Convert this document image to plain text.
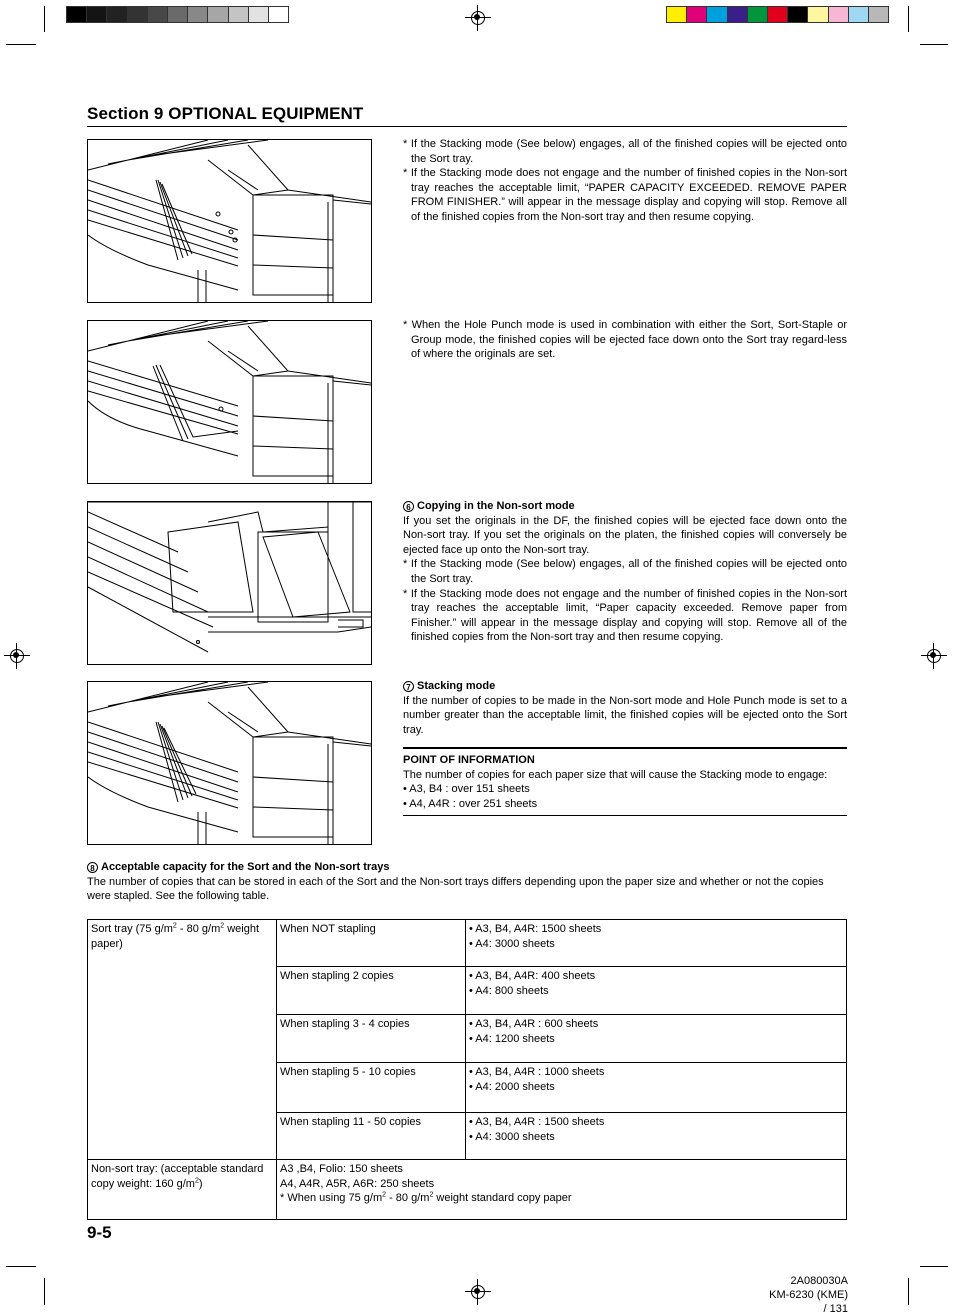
Section 9 OPTIONAL EQUIPMENT

* If the Stacking mode (See below) engages, all of the finished copies will be ejected onto the Sort tray.

* If the Stacking mode does not engage and the number of finished copies in the Non-sort tray reaches the acceptable limit, “PAPER CAPACITY EXCEEDED. REMOVE PAPER FROM FINISHER.” will appear in the message display and copying will stop. Remove all of the finished copies from the Non-sort tray and then resume copying.

* When the Hole Punch mode is used in combination with either the Sort, Sort-Staple or Group mode, the finished copies will be ejected face down onto the Sort tray regard-less of where the originals are set.

6 Copying in the Non-sort mode

If you set the originals in the DF, the finished copies will be ejected face down onto the Non-sort tray. If you set the originals on the platen, the finished copies will conversely be ejected face up onto the Non-sort tray.

* If the Stacking mode (See below) engages, all of the finished copies will be ejected onto the Sort tray.

* If the Stacking mode does not engage and the number of finished copies in the Non-sort tray reaches the acceptable limit, “Paper capacity exceeded. Remove paper from Finisher.” will appear in the message display and copying will stop. Remove all of the finished copies from the Non-sort tray and then resume copying.

7 Stacking mode

If the number of copies to be made in the Non-sort mode and Hole Punch mode is set to a number greater than the acceptable limit, the finished copies will be ejected onto the Sort tray.

POINT OF INFORMATION

The number of copies for each paper size that will cause the Stacking mode to engage:

• A3, B4 : over 151 sheets

• A4, A4R : over 251 sheets

8 Acceptable capacity for the Sort and the Non-sort trays

The number of copies that can be stored in each of the Sort and the Non-sort trays differs depending upon the paper size and whether or not the copies were stapled. See the following table.

Sort tray (75 $g/m^2 - 80$ $g/m^2$ weight paper)	When NOT stapling	• A3, B4, A4R: 1500 sheets
• A4: 3000 sheets

	When stapling 2 copies	• A3, B4, A4R: 400 sheets
• A4: 800 sheets

	When stapling 3 - 4 copies	• A3, B4, A4R : 600 sheets
• A4: 1200 sheets

	When stapling 5 - 10 copies	• A3, B4, A4R : 1000 sheets
• A4: 2000 sheets

	When stapling 11 - 50 copies	• A3, B4, A4R : 1500 sheets
• A4: 3000 sheets

Non-sort tray: (acceptable standard copy weight: 160 $g/m^2$)	A3 ,B4, Folio: 150 sheets
A4, A4R, A5R, A6R: 250 sheets
* When using 75 $g/m^2 - 80$ $g/m^2$ weight standard copy paper	
9-5
2A080030A
KM-6230 (KME)
/ 131
